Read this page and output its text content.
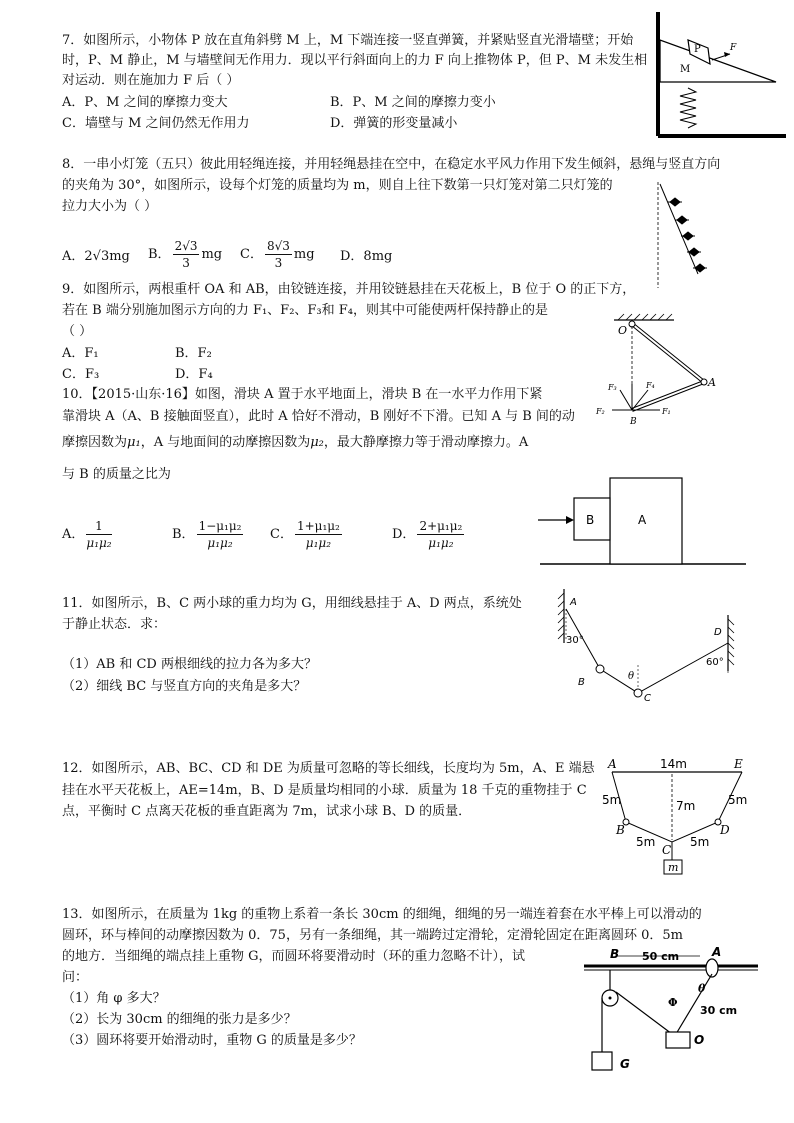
7．如图所示，小物体 P 放在直角斜劈 M 上，M 下端连接一竖直弹簧，并紧贴竖直光滑墙壁；开始
时，P、M 静止，M 与墙壁间无作用力．现以平行斜面向上的力 F 向上推物体 P，但 P、M 未发生相
对运动．则在施加力 F 后（ ）
A．P、M 之间的摩擦力变大	B．P、M 之间的摩擦力变小
C．墙壁与 M 之间仍然无作用力	D．弹簧的形变量减小
P
M
F
8．一串小灯笼（五只）彼此用轻绳连接，并用轻绳悬挂在空中，在稳定水平风力作用下发生倾斜，悬绳与竖直方向
的夹角为 30°，如图所示，设每个灯笼的质量均为 m，则自上往下数第一只灯笼对第二只灯笼的
拉力大小为（ ）
A．2√3mg B． $\frac{2√3}{3}$ mg C． $\frac{8√3}{3}$ mg D．8mg
9．如图所示，两根重杆 OA 和 AB，由铰链连接，并用铰链悬挂在天花板上，B 位于 O 的正下方，
若在 B 端分别施加图示方向的力 F₁、F₂、F₃和 F₄，则其中可能使两杆保持静止的是
（ ）
A．F₁	B．F₂
C．F₃	D．F₄
O
A
B
F₁
F₂
F₃	F₄
10．【2015·山东·16】如图，滑块 A 置于水平地面上，滑块 B 在一水平力作用下紧
靠滑块 A（A、B 接触面竖直），此时 A 恰好不滑动，B 刚好不下滑。已知 A 与 B 间的动
摩擦因数为μ₁，A 与地面间的动摩擦因数为μ₂，最大静摩擦力等于滑动摩擦力。A
与 B 的质量之比为
A． $\frac{1}{\text{μ₁μ₂}}$	B． $\frac{\text{1−μ₁μ₂}}{\text{μ₁μ₂}}$ C． $\frac{\text{1+μ₁μ₂}}{\text{μ₁μ₂}}$	D． $\frac{\text{2+μ₁μ₂}}{\text{μ₁μ₂}}$	B	A
11．如图所示，B、C 两小球的重力均为 G，用细线悬挂于 A、D 两点，系统处
于静止状态．求：
（1）AB 和 CD 两根细线的拉力各为多大？
（2）细线 BC 与竖直方向的夹角是多大？
A
30°
B
θ
C
D
60°
12．如图所示，AB、BC、CD 和 DE 为质量可忽略的等长细线，长度均为 5m，A、E 端悬
挂在水平天花板上，AE=14m，B、D 是质量均相同的小球．质量为 18 千克的重物挂于 C
点，平衡时 C 点离天花板的垂直距离为 7m，试求小球 B、D 的质量．
A	E
14m
7m
5m
5m	5m
5m
B
C
D
m
13．如图所示，在质量为 1kg 的重物上系着一条长 30cm 的细绳，细绳的另一端连着套在水平棒上可以滑动的
圆环，环与棒间的动摩擦因数为 0．75，另有一条细绳，其一端跨过定滑轮，定滑轮固定在距离圆环 0．5m
的地方．当细绳的端点挂上重物 G，而圆环将要滑动时（环的重力忽略不计），试
问：
（1）角 φ 多大？
（2）长为 30cm 的细绳的张力是多少？
（3）圆环将要开始滑动时，重物 G 的质量是多少？
B	A
50 cm
θ
Φ
30 cm
O
G
